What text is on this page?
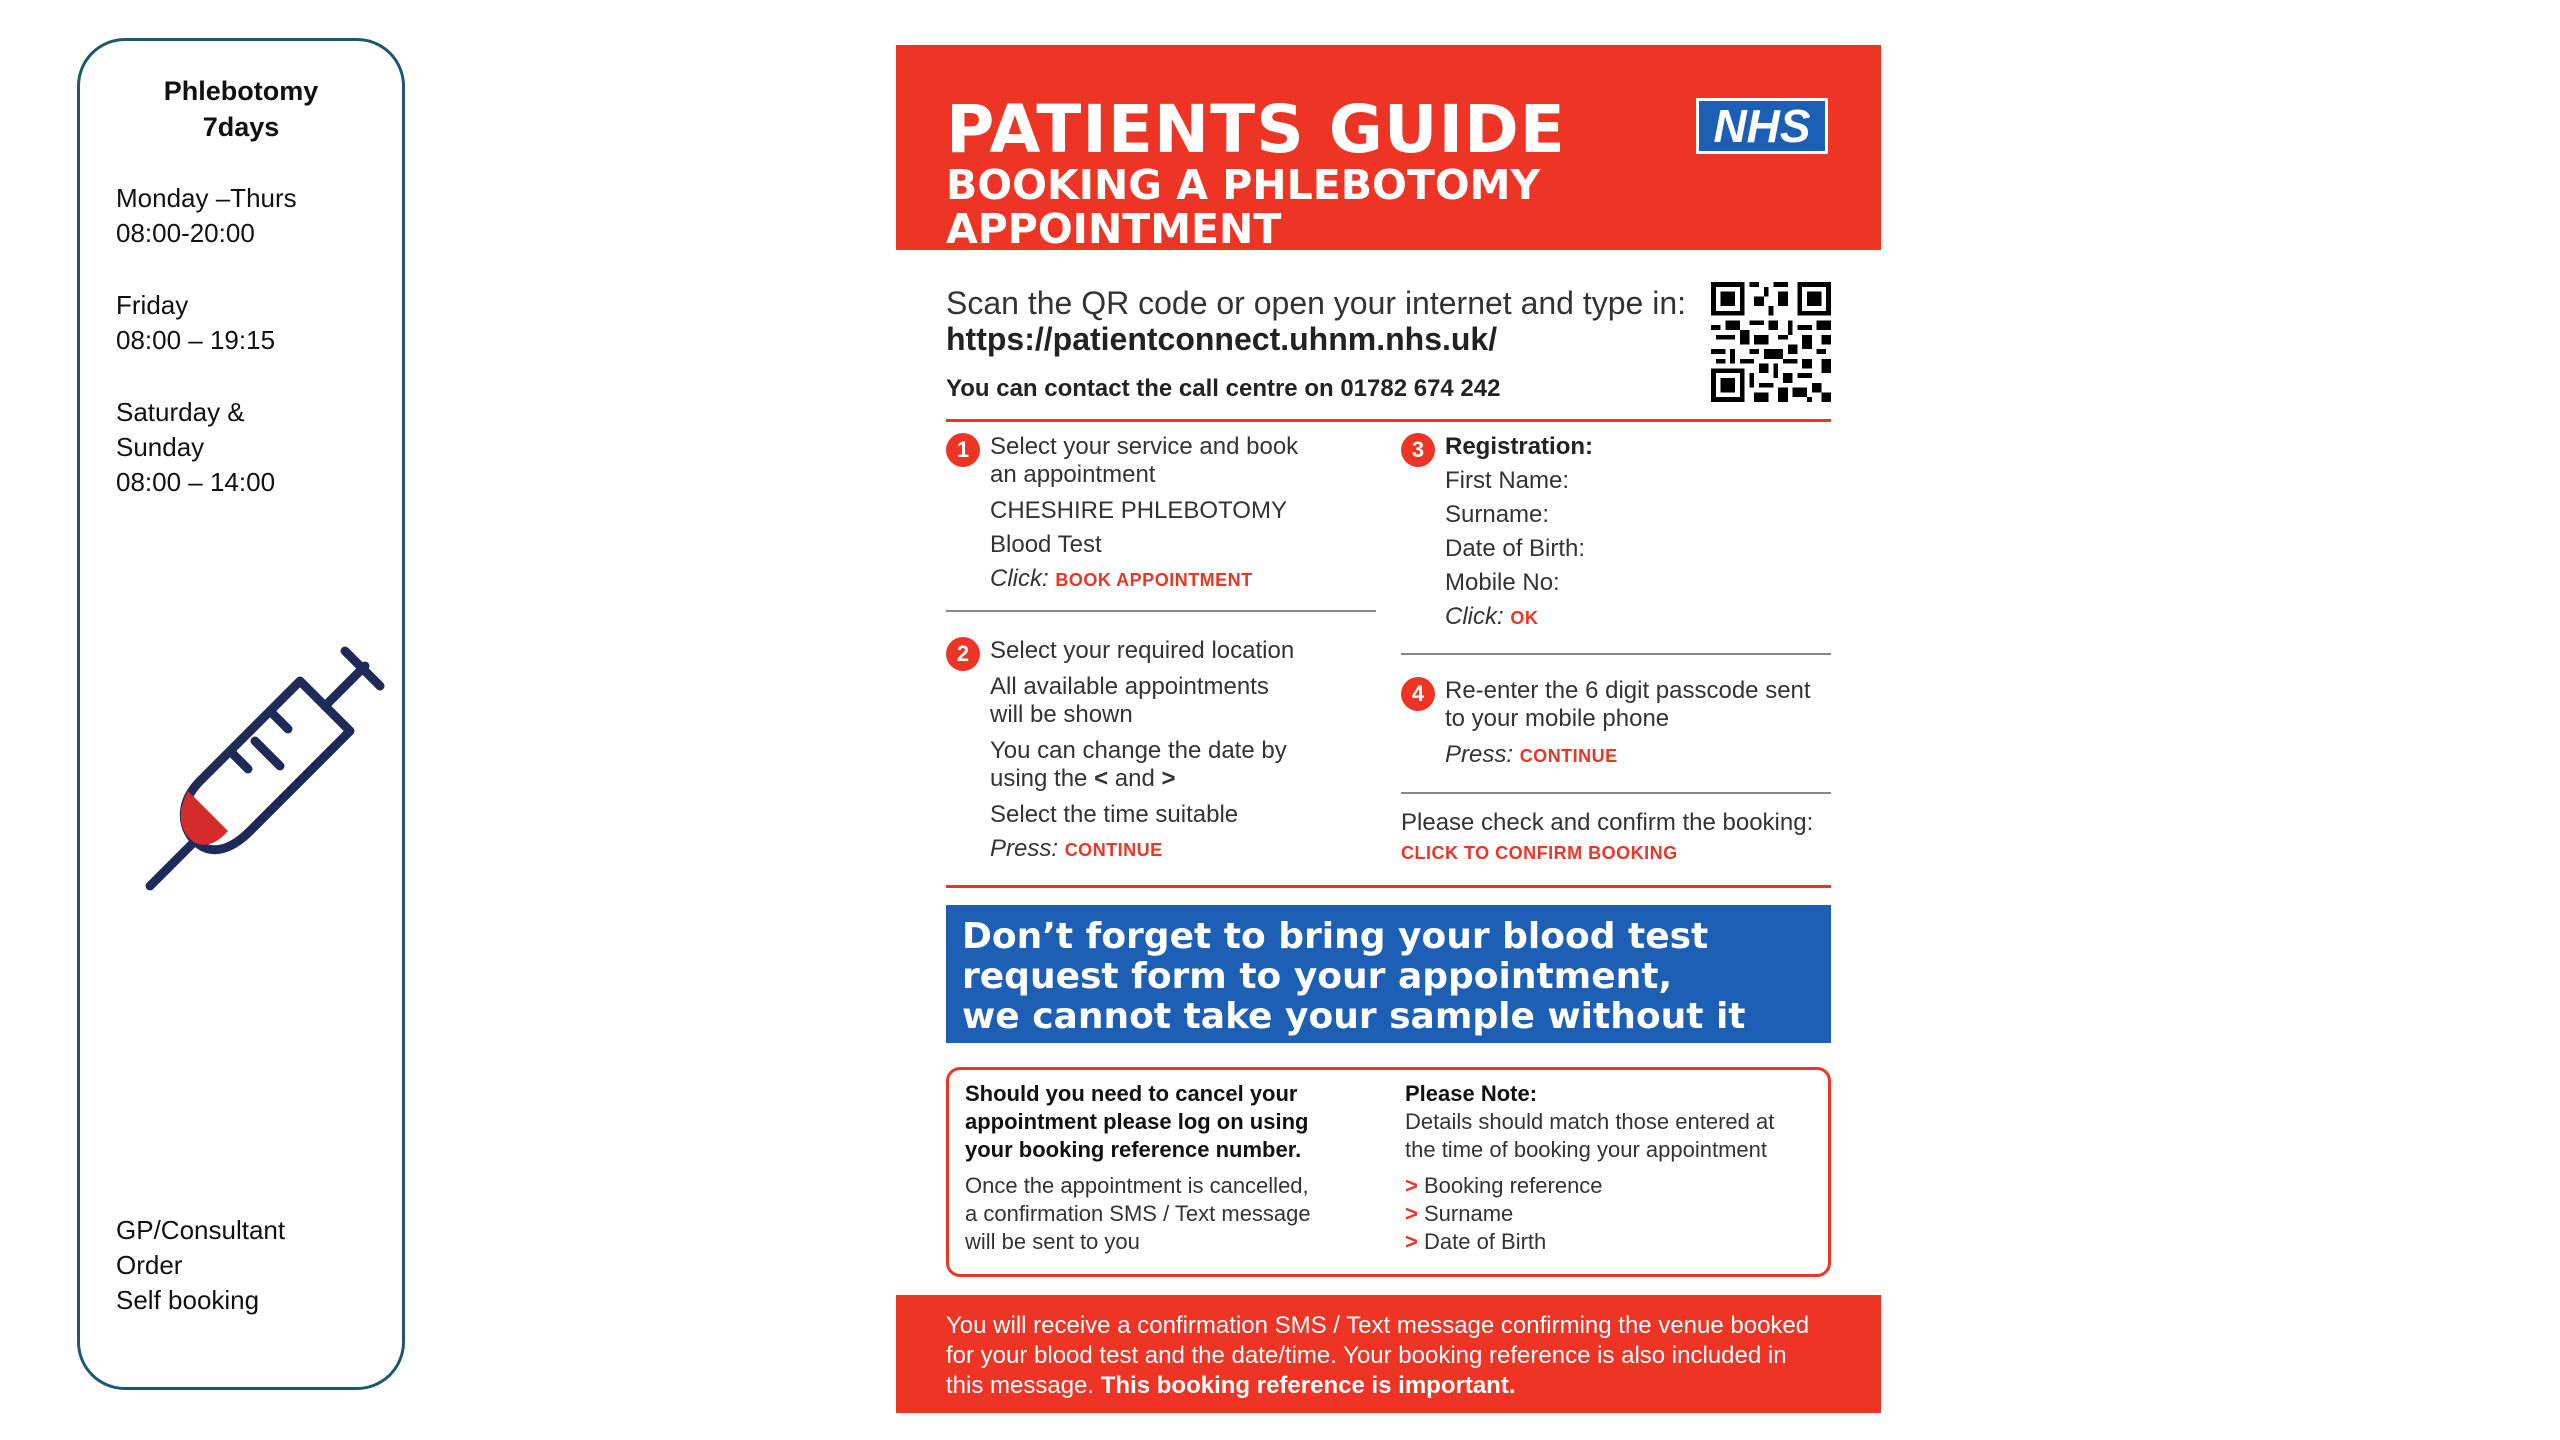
Phlebotomy
7days
Monday –Thurs
08:00-20:00
Friday
08:00 – 19:15
Saturday &
Sunday
08:00 – 14:00
GP/Consultant
Order
Self booking
PATIENTS GUIDE
BOOKING A PHLEBOTOMY
APPOINTMENT
NHS
Scan the QR code or open your internet and type in:
https://patientconnect.uhnm.nhs.uk/
You can contact the call centre on 01782 674 242
1 Select your service and book
an appointment
CHESHIRE PHLEBOTOMY
Blood Test
Click: BOOK APPOINTMENT
2 Select your required location
All available appointments
will be shown
You can change the date by
using the < and >
Select the time suitable
Press: CONTINUE
3 Registration:
First Name:
Surname:
Date of Birth:
Mobile No:
Click: OK
4 Re-enter the 6 digit passcode sent
to your mobile phone
Press: CONTINUE
Please check and confirm the booking:
CLICK TO CONFIRM BOOKING
Don’t forget to bring your blood test
request form to your appointment,
we cannot take your sample without it
Should you need to cancel your
appointment please log on using
your booking reference number.
Once the appointment is cancelled,
a confirmation SMS / Text message
will be sent to you
Please Note:
Details should match those entered at
the time of booking your appointment
> Booking reference
> Surname
> Date of Birth
You will receive a confirmation SMS / Text message confirming the venue booked
for your blood test and the date/time. Your booking reference is also included in
this message. This booking reference is important.
